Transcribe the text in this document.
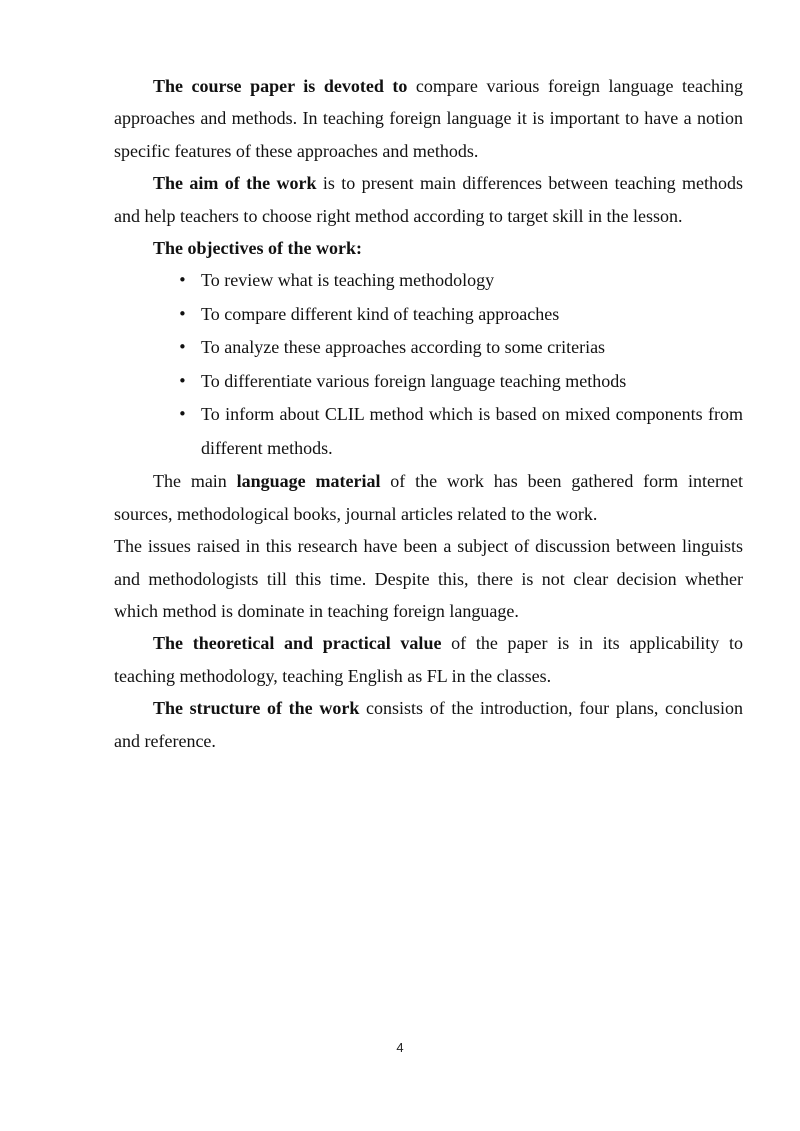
The course paper is devoted to compare various foreign language teaching approaches and methods. In teaching foreign language it is important to have a notion specific features of these approaches and methods.

The aim of the work is to present main differences between teaching methods and help teachers to choose right method according to target skill in the lesson.

The objectives of the work:

• To review what is teaching methodology
• To compare different kind of teaching approaches
• To analyze these approaches according to some criterias
• To differentiate various foreign language teaching methods
• To inform about CLIL method which is based on mixed components from different methods.

The main language material of the work has been gathered form internet sources, methodological books, journal articles related to the work.

The issues raised in this research have been a subject of discussion between linguists and methodologists till this time. Despite this, there is not clear decision whether which method is dominate in teaching foreign language.

The theoretical and practical value of the paper is in its applicability to teaching methodology, teaching English as FL in the classes.

The structure of the work consists of the introduction, four plans, conclusion and reference.

4
